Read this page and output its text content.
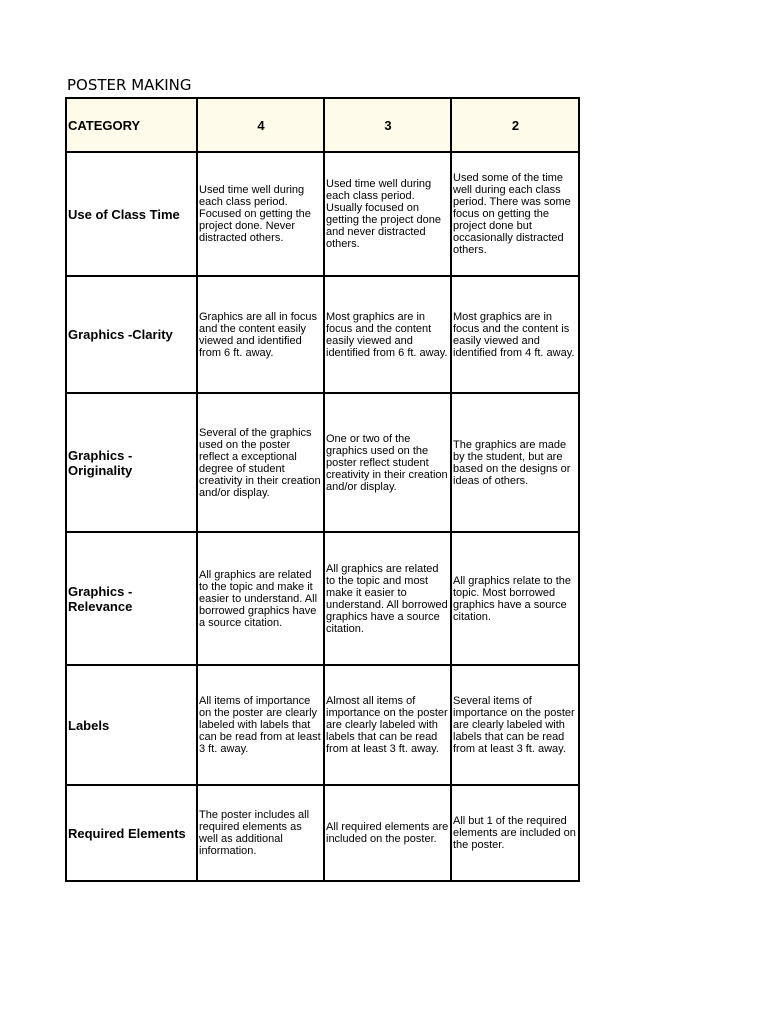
POSTER MAKING
CATEGORY	4	3	2
Use of Class Time	Used time well during each class period. Focused on getting the project done. Never distracted others.	Used time well during each class period. Usually focused on getting the project done and never distracted others.	Used some of the time well during each class period. There was some focus on getting the project done but occasionally distracted others.
Graphics -Clarity	Graphics are all in focus and the content easily viewed and identified from 6 ft. away.	Most graphics are in focus and the content easily viewed and identified from 6 ft. away.	Most graphics are in focus and the content is easily viewed and identified from 4 ft. away.
Graphics - Originality	Several of the graphics used on the poster reflect a exceptional degree of student creativity in their creation and/or display.	One or two of the graphics used on the poster reflect student creativity in their creation and/or display.	The graphics are made by the student, but are based on the designs or ideas of others.
Graphics - Relevance	All graphics are related to the topic and make it easier to understand. All borrowed graphics have a source citation.	All graphics are related to the topic and most make it easier to understand. All borrowed graphics have a source citation.	All graphics relate to the topic. Most borrowed graphics have a source citation.
Labels	All items of importance on the poster are clearly labeled with labels that can be read from at least 3 ft. away.	Almost all items of importance on the poster are clearly labeled with labels that can be read from at least 3 ft. away.	Several items of importance on the poster are clearly labeled with labels that can be read from at least 3 ft. away.
Required Elements	The poster includes all required elements as well as additional information.	All required elements are included on the poster.	All but 1 of the required elements are included on the poster.
